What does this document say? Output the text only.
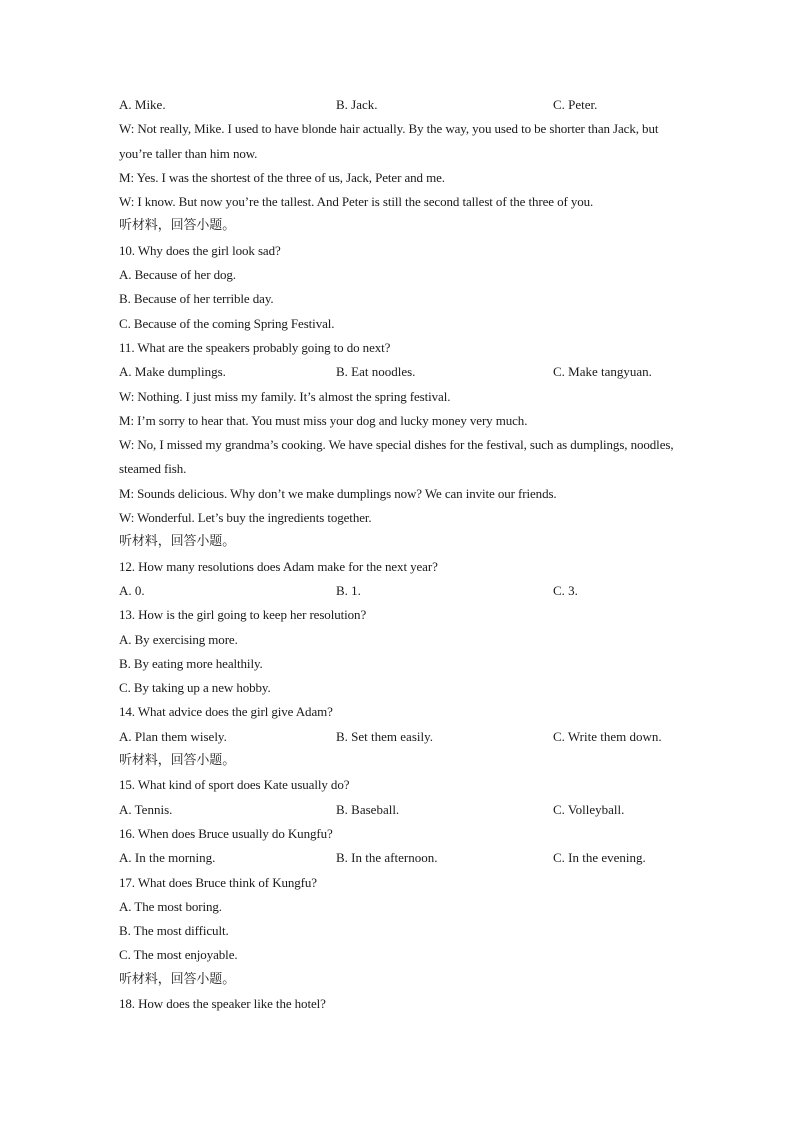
A. Mike.	B. Jack.	C. Peter.
W: Not really, Mike. I used to have blonde hair actually. By the way, you used to be shorter than Jack, but you’re taller than him now.
M: Yes. I was the shortest of the three of us, Jack, Peter and me.
W: I know. But now you’re the tallest. And Peter is still the second tallest of the three of you.
听材料，回答小题。
10. Why does the girl look sad?
A. Because of her dog.
B. Because of her terrible day.
C. Because of the coming Spring Festival.
11. What are the speakers probably going to do next?
A. Make dumplings.	B. Eat noodles.	C. Make tangyuan.
W: Nothing. I just miss my family. It’s almost the spring festival.
M: I’m sorry to hear that. You must miss your dog and lucky money very much.
W: No, I missed my grandma’s cooking. We have special dishes for the festival, such as dumplings, noodles, steamed fish.
M: Sounds delicious. Why don’t we make dumplings now? We can invite our friends.
W: Wonderful. Let’s buy the ingredients together.
听材料，回答小题。
12. How many resolutions does Adam make for the next year?
A. 0.	B. 1.	C. 3.
13. How is the girl going to keep her resolution?
A. By exercising more.
B. By eating more healthily.
C. By taking up a new hobby.
14. What advice does the girl give Adam?
A. Plan them wisely.	B. Set them easily.	C. Write them down.
听材料，回答小题。
15. What kind of sport does Kate usually do?
A. Tennis.	B. Baseball.	C. Volleyball.
16. When does Bruce usually do Kungfu?
A. In the morning.	B. In the afternoon.	C. In the evening.
17. What does Bruce think of Kungfu?
A. The most boring.
B. The most difficult.
C. The most enjoyable.
听材料，回答小题。
18. How does the speaker like the hotel?
